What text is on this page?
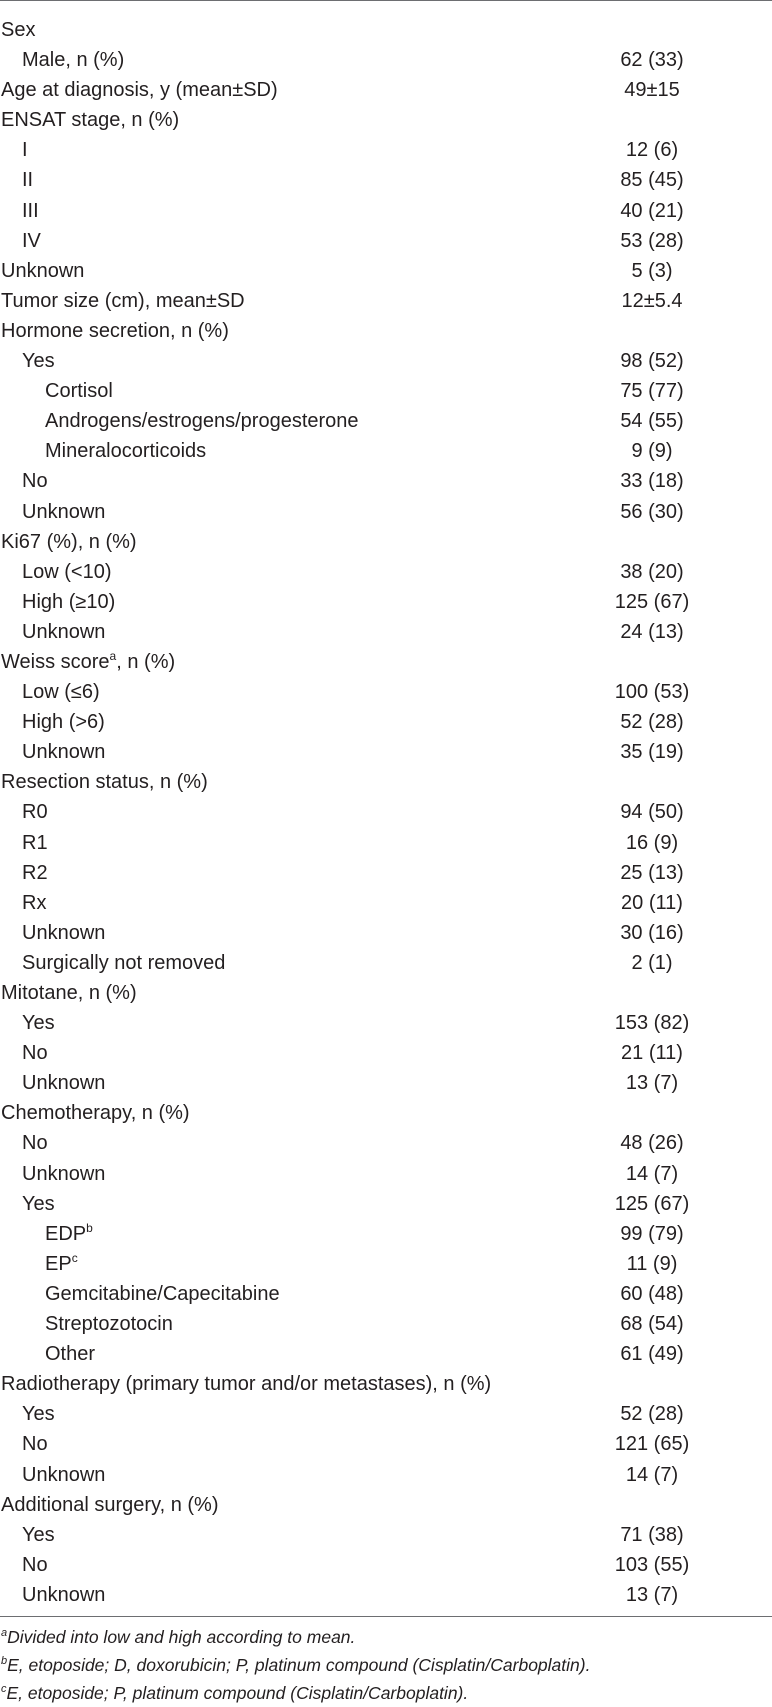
Sex
Male, n (%)	62 (33)
Age at diagnosis, y (mean±SD)	49±15
ENSAT stage, n (%)
I	12 (6)
II	85 (45)
III	40 (21)
IV	53 (28)
Unknown	5 (3)
Tumor size (cm), mean±SD	12±5.4
Hormone secretion, n (%)
Yes	98 (52)
Cortisol	75 (77)
Androgens/estrogens/progesterone	54 (55)
Mineralocorticoids	9 (9)
No	33 (18)
Unknown	56 (30)
Ki67 (%), n (%)
Low (<10)	38 (20)
High (≥10)	125 (67)
Unknown	24 (13)
Weiss score$^a$, n (%)
Low (≤6)	100 (53)
High (>6)	52 (28)
Unknown	35 (19)
Resection status, n (%)
R0	94 (50)
R1	16 (9)
R2	25 (13)
Rx	20 (11)
Unknown	30 (16)
Surgically not removed	2 (1)
Mitotane, n (%)
Yes	153 (82)
No	21 (11)
Unknown	13 (7)
Chemotherapy, n (%)
No	48 (26)
Unknown	14 (7)
Yes	125 (67)
EDP$^b$	99 (79)
$EP^c$	11 (9)
Gemcitabine/Capecitabine	60 (48)
Streptozotocin	68 (54)
Other	61 (49)
Radiotherapy (primary tumor and/or metastases), n (%)
Yes	52 (28)
No	121 (65)
Unknown	14 (7)
Additional surgery, n (%)
Yes	71 (38)
No	103 (55)
Unknown	13 (7)
$^a$Divided into low and high according to mean.
$^b$E, etoposide; D, doxorubicin; P, platinum compound (Cisplatin/Carboplatin).
$^c$E, etoposide; P, platinum compound (Cisplatin/Carboplatin).
